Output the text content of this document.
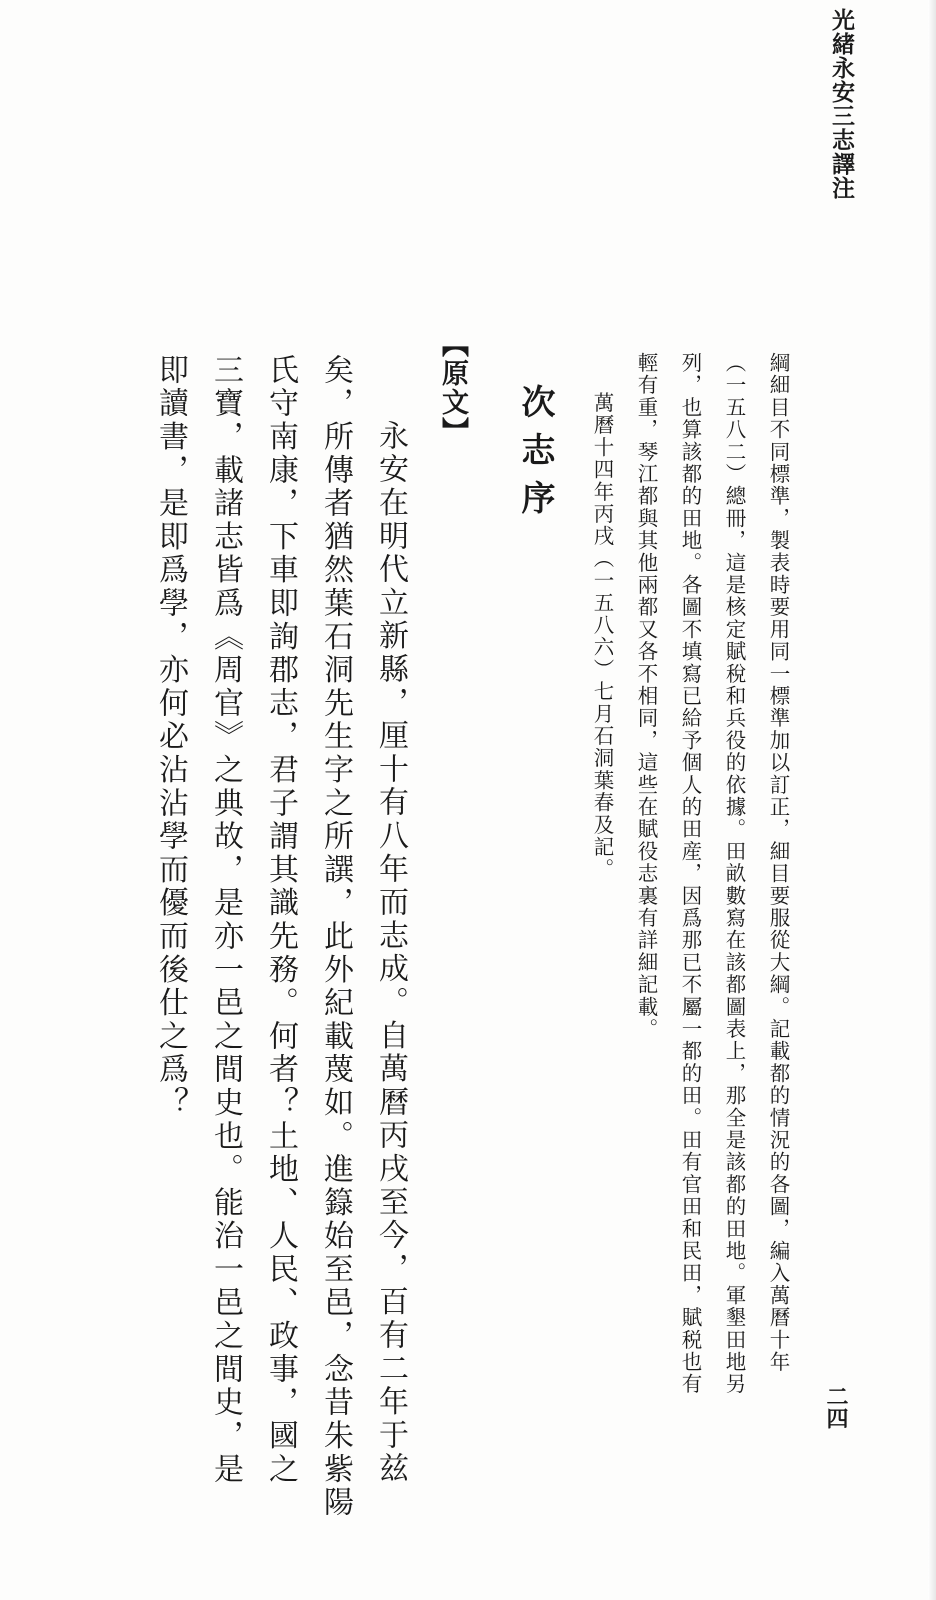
光緒永安三志譯注
二四
綱細目不同標準，製表時要用同一標準加以訂正，細目要服從大綱。記載都的情況的各圖，編入萬曆十年
（一五八二）總冊，這是核定賦稅和兵役的依據。田畝數寫在該都圖表上，那全是該都的田地。軍墾田地另
列，也算該都的田地。各圖不填寫已給予個人的田産，因爲那已不屬一都的田。田有官田和民田，賦税也有
輕有重，琴江都與其他兩都又各不相同，這些在賦役志裏有詳細記載。
萬曆十四年丙戌（一五八六）七月石洞葉春及記。
次志序
【原文】
永安在明代立新縣，厘十有八年而志成。自萬曆丙戌至今，百有二年于兹
矣，所傳者猶然葉石洞先生字之所譔，此外紀載蔑如。進籙始至邑，念昔朱紫陽
氏守南康，下車即詢郡志，君子謂其識先務。何者？土地、人民、政事，國之
三寶，載諸志皆爲《周官》之典故，是亦一邑之間史也。能治一邑之間史，是
即讀書，是即爲學，亦何必沾沾學而優而後仕之爲？
